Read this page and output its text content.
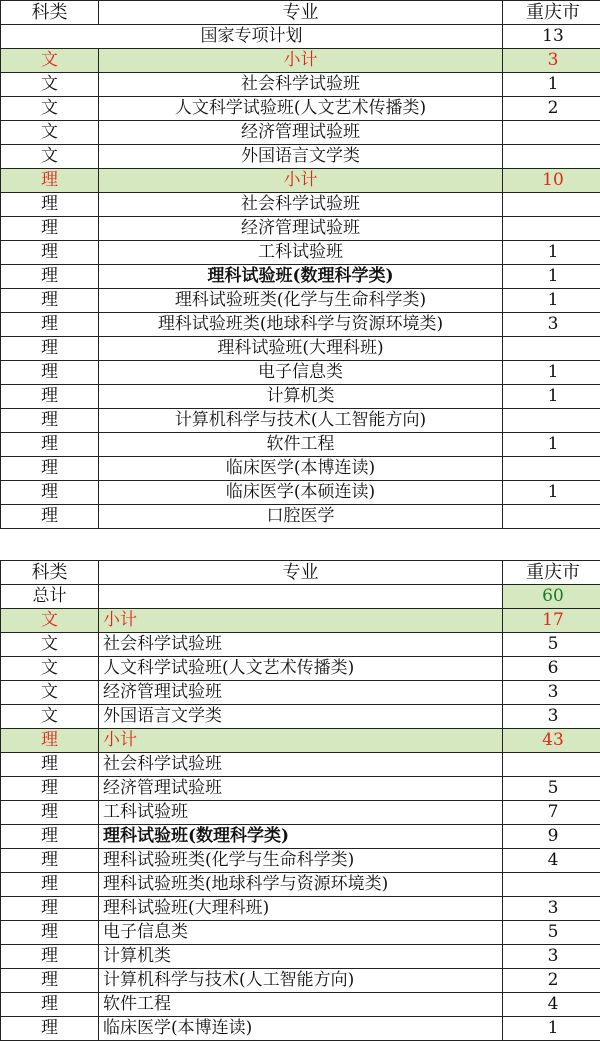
科类	专业	重庆市
国家专项计划		13
文	小计	3
文	社会科学试验班	1
文	人文科学试验班(人文艺术传播类)	2
文	经济管理试验班	
文	外国语言文学类	
理	小计	10
理	社会科学试验班	
理	经济管理试验班	
理	工科试验班	1
理	理科试验班(数理科学类)	1
理	理科试验班类(化学与生命科学类)	1
理	理科试验班类(地球科学与资源环境类)	3
理	理科试验班(大理科班)	
理	电子信息类	1
理	计算机类	1
理	计算机科学与技术(人工智能方向)	
理	软件工程	1
理	临床医学(本博连读)	
理	临床医学(本硕连读)	1
理	口腔医学	
科类	专业	重庆市
总计		60
文	小计	17
文	社会科学试验班	5
文	人文科学试验班(人文艺术传播类)	6
文	经济管理试验班	3
文	外国语言文学类	3
理	小计	43
理	社会科学试验班	
理	经济管理试验班	5
理	工科试验班	7
理	理科试验班(数理科学类)	9
理	理科试验班类(化学与生命科学类)	4
理	理科试验班类(地球科学与资源环境类)	
理	理科试验班(大理科班)	3
理	电子信息类	5
理	计算机类	3
理	计算机科学与技术(人工智能方向)	2
理	软件工程	4
理	临床医学(本博连读)	1
